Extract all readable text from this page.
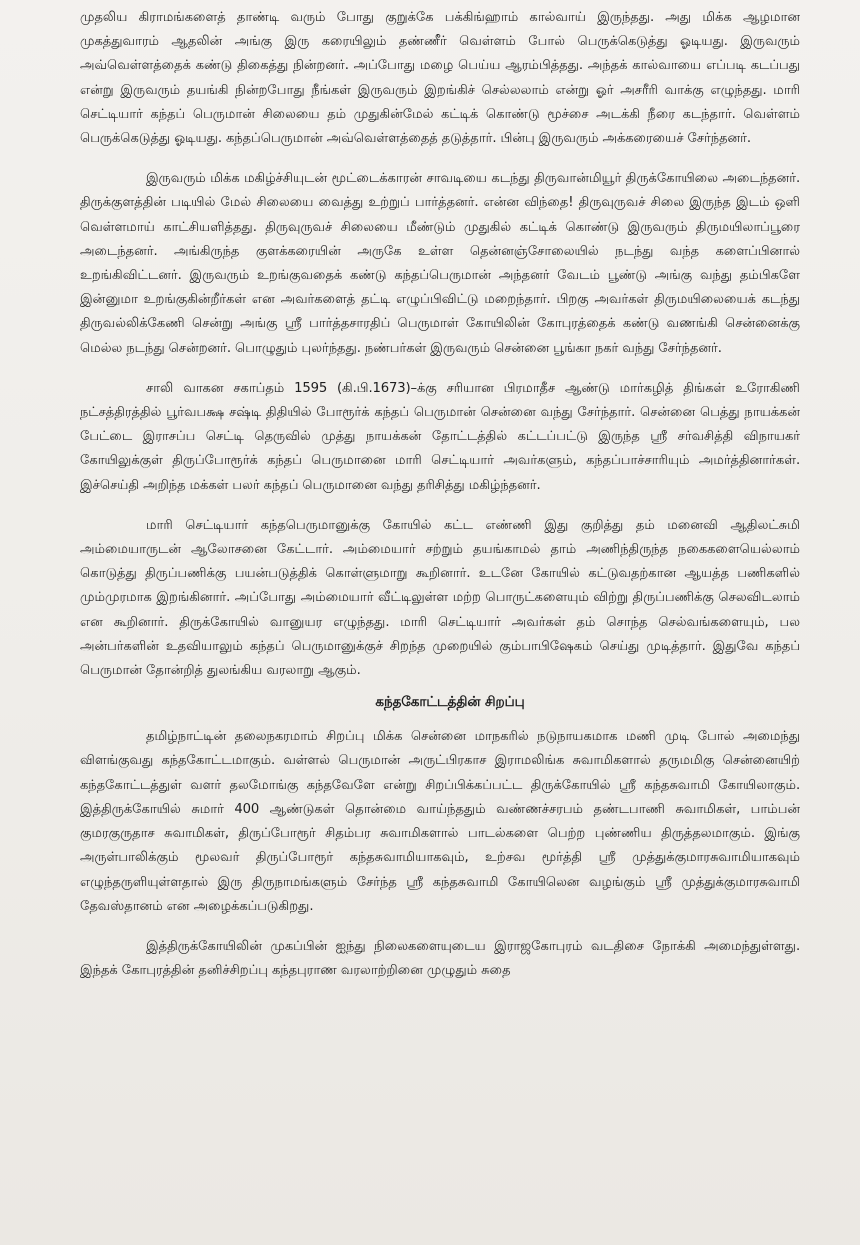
முதலிய கிராமங்களைத் தாண்டி வரும் போது குறுக்கே பக்கிங்ஹாம் கால்வாய் இருந்தது. அது மிக்க ஆழமான முகத்துவாரம் ஆதலின் அங்கு இரு கரையிலும் தண்ணீர் வெள்ளம் போல் பெருக்கெடுத்து ஓடியது. இருவரும் அவ்வெள்ளத்தைக் கண்டு திகைத்து நின்றனர். அப்போது மழை பெய்ய ஆரம்பித்தது. அந்தக் கால்வாயை எப்படி கடப்பது என்று இருவரும் தயங்கி நின்றபோது நீங்கள் இருவரும் இறங்கிச் செல்லலாம் என்று ஓர் அசரீரி வாக்கு எழுந்தது. மாரி செட்டியார் கந்தப் பெருமான் சிலையை தம் முதுகின்மேல் கட்டிக் கொண்டு மூச்சை அடக்கி நீரை கடந்தார். வெள்ளம் பெருக்கெடுத்து ஓடியது. கந்தப்பெருமான் அவ்வெள்ளத்தைத் தடுத்தார். பின்பு இருவரும் அக்கரையைச் சேர்ந்தனர்.

இருவரும் மிக்க மகிழ்ச்சியுடன் மூட்டைக்காரன் சாவடியை கடந்து திருவான்மியூர் திருக்கோயிலை அடைந்தனர். திருக்குளத்தின் படியில் மேல் சிலையை வைத்து உற்றுப் பார்த்தனர். என்ன விந்தை! திருவுருவச் சிலை இருந்த இடம் ஒளி வெள்ளமாய் காட்சியளித்தது. திருவுருவச் சிலையை மீண்டும் முதுகில் கட்டிக் கொண்டு இருவரும் திருமயிலாப்பூரை அடைந்தனர். அங்கிருந்த குளக்கரையின் அருகே உள்ள தென்னஞ்சோலையில் நடந்து வந்த களைப்பினால் உறங்கிவிட்டனர். இருவரும் உறங்குவதைக் கண்டு கந்தப்பெருமான் அந்தனர் வேடம் பூண்டு அங்கு வந்து தம்பிகளே இன்னுமா உறங்குகின்றீர்கள் என அவர்களைத் தட்டி எழுப்பிவிட்டு மறைந்தார். பிறகு அவர்கள் திருமயிலையைக் கடந்து திருவல்லிக்கேணி சென்று அங்கு ஸ்ரீ பார்த்தசாரதிப் பெருமாள் கோயிலின் கோபுரத்தைக் கண்டு வணங்கி சென்னைக்கு மெல்ல நடந்து சென்றனர். பொழுதும் புலர்ந்தது. நண்பர்கள் இருவரும் சென்னை பூங்கா நகர் வந்து சேர்ந்தனர்.

சாலி வாகன சகாப்தம் 1595 (கி.பி.1673)–க்கு சரியான பிரமாதீச ஆண்டு மார்கழித் திங்கள் உரோகிணி நட்சத்திரத்தில் பூர்வபக்ஷ சஷ்டி திதியில் போரூர்க் கந்தப் பெருமான் சென்னை வந்து சேர்ந்தார். சென்னை பெத்து நாயக்கன் பேட்டை இராசப்ப செட்டி தெருவில் முத்து நாயக்கன் தோட்டத்தில் கட்டப்பட்டு இருந்த ஸ்ரீ சர்வசித்தி விநாயகர் கோயிலுக்குள் திருப்போரூர்க் கந்தப் பெருமானை மாரி செட்டியார் அவர்களும், கந்தப்பாச்சாரியும் அமர்த்தினார்கள். இச்செய்தி அறிந்த மக்கள் பலர் கந்தப் பெருமானை வந்து தரிசித்து மகிழ்ந்தனர்.

மாரி செட்டியார் கந்தபெருமானுக்கு கோயில் கட்ட எண்ணி இது குறித்து தம் மனைவி ஆதிலட்சுமி அம்மையாருடன் ஆலோசனை கேட்டார். அம்மையார் சற்றும் தயங்காமல் தாம் அணிந்திருந்த நகைகளையெல்லாம் கொடுத்து திருப்பணிக்கு பயன்படுத்திக் கொள்ளுமாறு கூறினார். உடனே கோயில் கட்டுவதற்கான ஆயத்த பணிகளில் மும்முரமாக இறங்கினார். அப்போது அம்மையார் வீட்டிலுள்ள மற்ற பொருட்களையும் விற்று திருப்பணிக்கு செலவிடலாம் என கூறினார். திருக்கோயில் வானுயர எழுந்தது. மாரி செட்டியார் அவர்கள் தம் சொந்த செல்வங்களையும், பல அன்பர்களின் உதவியாலும் கந்தப் பெருமானுக்குச் சிறந்த முறையில் கும்பாபிஷேகம் செய்து முடித்தார். இதுவே கந்தப் பெருமான் தோன்றித் துலங்கிய வரலாறு ஆகும்.

கந்தகோட்டத்தின் சிறப்பு

தமிழ்நாட்டின் தலைநகரமாம் சிறப்பு மிக்க சென்னை மாநகரில் நடுநாயகமாக மணி முடி போல் அமைந்து விளங்குவது கந்தகோட்டமாகும். வள்ளல் பெருமான் அருட்பிரகாச இராமலிங்க சுவாமிகளால் தருமமிகு சென்னையிற் கந்தகோட்டத்துள் வளர் தலமோங்கு கந்தவேளே என்று சிறப்பிக்கப்பட்ட திருக்கோயில் ஸ்ரீ கந்தசுவாமி கோயிலாகும். இத்திருக்கோயில் சுமார் 400 ஆண்டுகள் தொன்மை வாய்ந்ததும் வண்ணச்சரபம் தண்டபாணி சுவாமிகள், பாம்பன் குமரகுருதாச சுவாமிகள், திருப்போரூர் சிதம்பர சுவாமிகளால் பாடல்களை பெற்ற புண்ணிய திருத்தலமாகும். இங்கு அருள்பாலிக்கும் மூலவர் திருப்போரூர் கந்தசுவாமியாகவும், உற்சவ மூர்த்தி ஸ்ரீ முத்துக்குமாரசுவாமியாகவும் எழுந்தருளியுள்ளதால் இரு திருநாமங்களும் சேர்ந்த ஸ்ரீ கந்தசுவாமி கோயிலென வழங்கும் ஸ்ரீ முத்துக்குமாரசுவாமி தேவஸ்தானம் என அழைக்கப்படுகிறது.

இத்திருக்கோயிலின் முகப்பின் ஐந்து நிலைகளையுடைய இராஜகோபுரம் வடதிசை நோக்கி அமைந்துள்ளது. இந்தக் கோபுரத்தின் தனிச்சிறப்பு கந்தபுராண வரலாற்றினை முழுதும் சுதை
